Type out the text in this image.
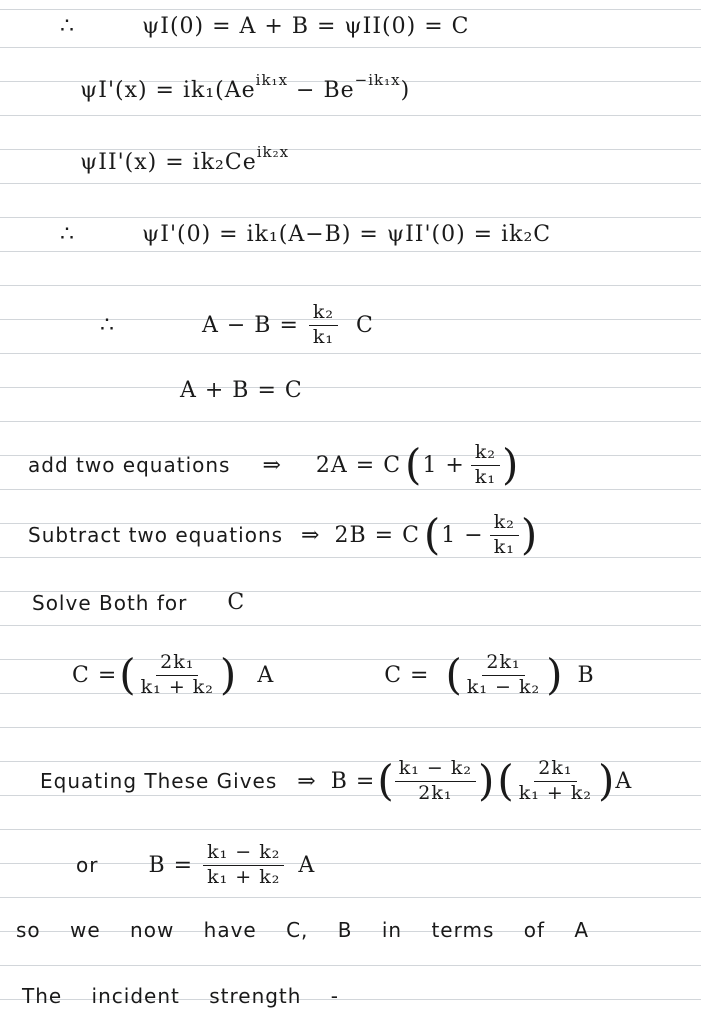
∴	ψI(0) = A + B = ψII(0) = C
$\psi I'(x) = ik_1(Ae^{ik_1x} - Be^{-ik_1x})$
$\psi II'(x) = ik_2Ce^{ik_2x}$
∴	ψI'(0) = ik₁(A−B) = ψII'(0) = ik₂C
∴	$A - B = \frac{\text{k₂}}{\text{k₁}}$ C
A + B = C
add two equations ⇒ 2A = C ( $1 + \frac{\text{k₂}}{\text{k₁}}$ )
Subtract two equations ⇒ 2B = C ( $1 - \frac{\text{k₂}}{\text{k₁}}$ )
Solve Both for C
C = ( $\frac{\text{2k₁}}{\text{k₁ + k₂}}$ ) A	C = ( $\frac{\text{2k₁}}{\text{k₁ − k₂}}$ ) B
Equating These Gives ⇒ B = ( $\frac{\text{k₁ − k₂}}{\text{2k₁}}$ ) ( $\frac{\text{2k₁}}{\text{k₁ + k₂}}$ ) A
or $B = \frac{\text{k₁ − k₂}}{\text{k₁ + k₂}}$ A
so we now have C, B in terms of A
The incident strength -
